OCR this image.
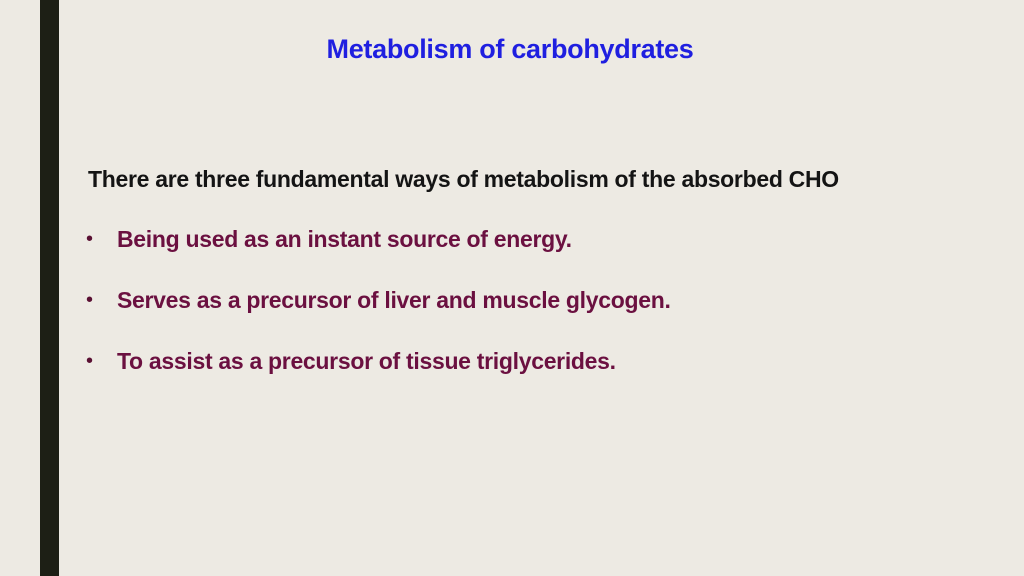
Metabolism of carbohydrates
There are three fundamental ways of metabolism of the absorbed CHO
• Being used as an instant source of energy.
• Serves as a precursor of liver and muscle glycogen.
• To assist as a precursor of tissue triglycerides.
